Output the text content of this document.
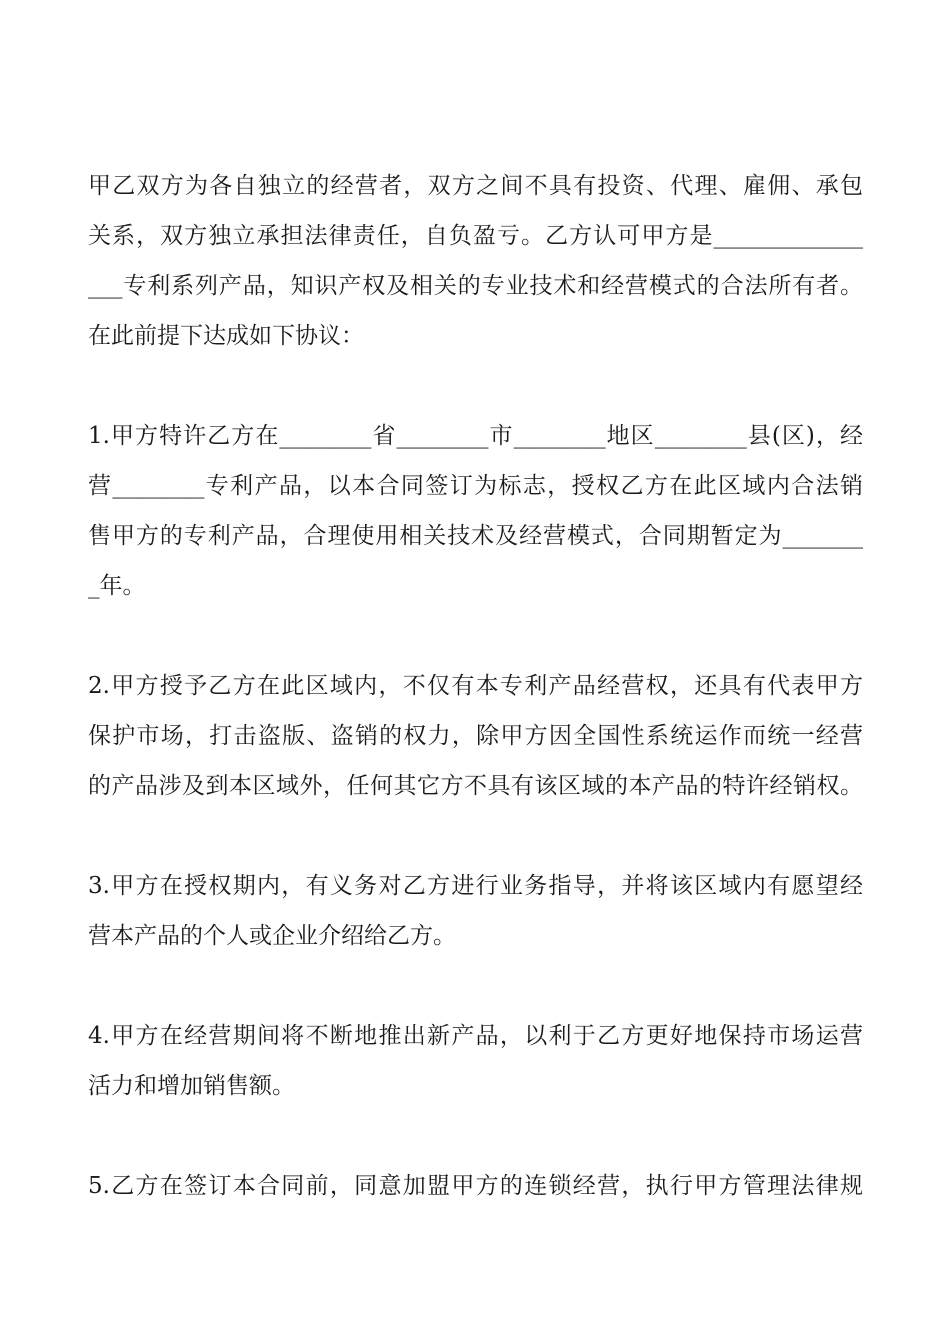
甲乙双方为各自独立的经营者，双方之间不具有投资、代理、雇佣、承包
关系，双方独立承担法律责任，自负盈亏。乙方认可甲方是_____________
___专利系列产品，知识产权及相关的专业技术和经营模式的合法所有者。
在此前提下达成如下协议：
1.甲方特许乙方在________省________市________地区________县(区)，经
营________专利产品，以本合同签订为标志，授权乙方在此区域内合法销
售甲方的专利产品，合理使用相关技术及经营模式，合同期暂定为_______
_年。
2.甲方授予乙方在此区域内，不仅有本专利产品经营权，还具有代表甲方
保护市场，打击盗版、盗销的权力，除甲方因全国性系统运作而统一经营
的产品涉及到本区域外，任何其它方不具有该区域的本产品的特许经销权。
3.甲方在授权期内，有义务对乙方进行业务指导，并将该区域内有愿望经
营本产品的个人或企业介绍给乙方。
4.甲方在经营期间将不断地推出新产品，以利于乙方更好地保持市场运营
活力和增加销售额。
5.乙方在签订本合同前，同意加盟甲方的连锁经营，执行甲方管理法律规
